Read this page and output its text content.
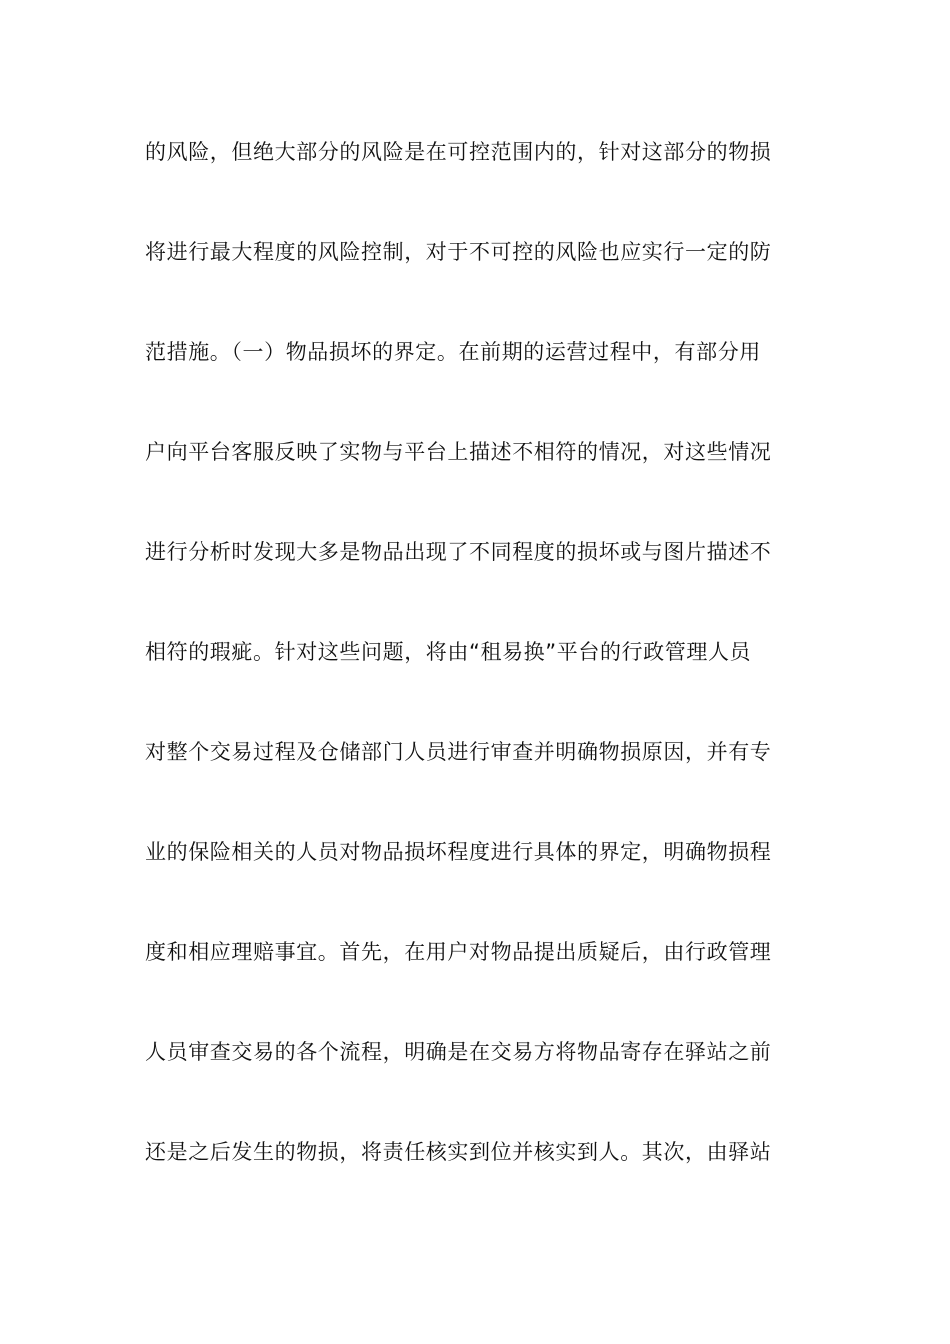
的风险，但绝大部分的风险是在可控范围内的，针对这部分的物损
将进行最大程度的风险控制，对于不可控的风险也应实行一定的防
范措施。（一）物品损坏的界定。在前期的运营过程中，有部分用
户向平台客服反映了实物与平台上描述不相符的情况，对这些情况
进行分析时发现大多是物品出现了不同程度的损坏或与图片描述不
相符的瑕疵。针对这些问题，将由“租易换”平台的行政管理人员
对整个交易过程及仓储部门人员进行审查并明确物损原因，并有专
业的保险相关的人员对物品损坏程度进行具体的界定，明确物损程
度和相应理赔事宜。首先，在用户对物品提出质疑后，由行政管理
人员审查交易的各个流程，明确是在交易方将物品寄存在驿站之前
还是之后发生的物损，将责任核实到位并核实到人。其次，由驿站
